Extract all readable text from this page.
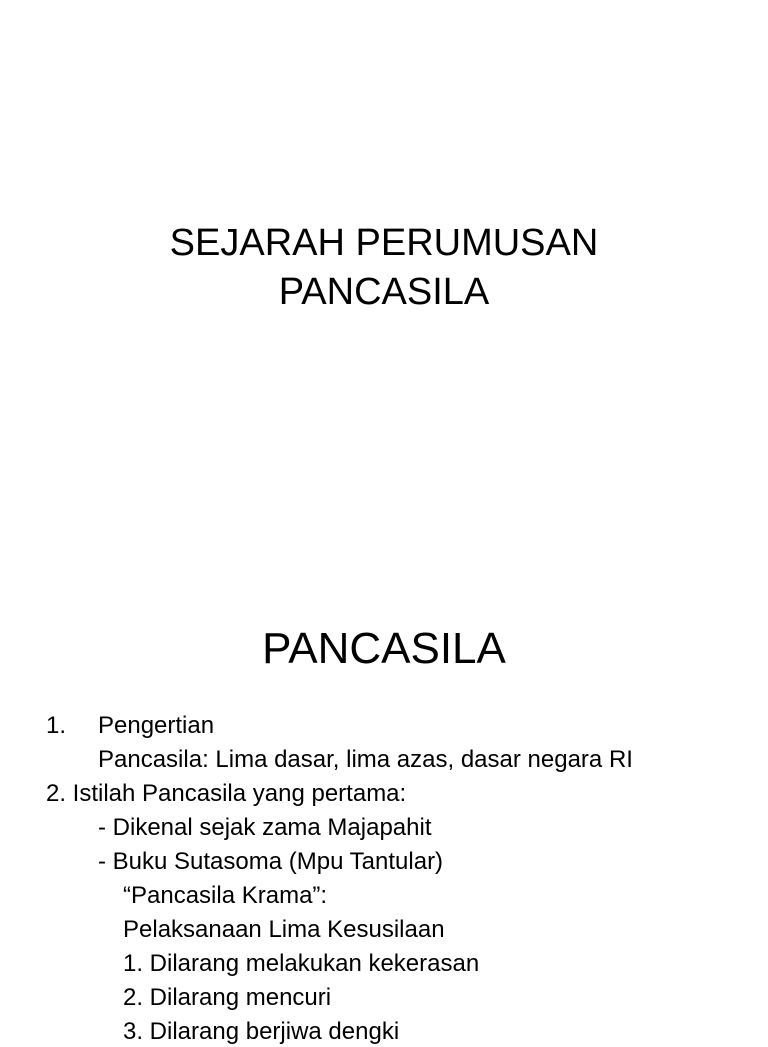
SEJARAH PERUMUSAN
PANCASILA
PANCASILA
1. Pengertian
Pancasila: Lima dasar, lima azas, dasar negara RI
2. Istilah Pancasila yang pertama:
- Dikenal sejak zama Majapahit
- Buku Sutasoma (Mpu Tantular)
“Pancasila Krama”:
Pelaksanaan Lima Kesusilaan
1. Dilarang melakukan kekerasan
2. Dilarang mencuri
3. Dilarang berjiwa dengki
